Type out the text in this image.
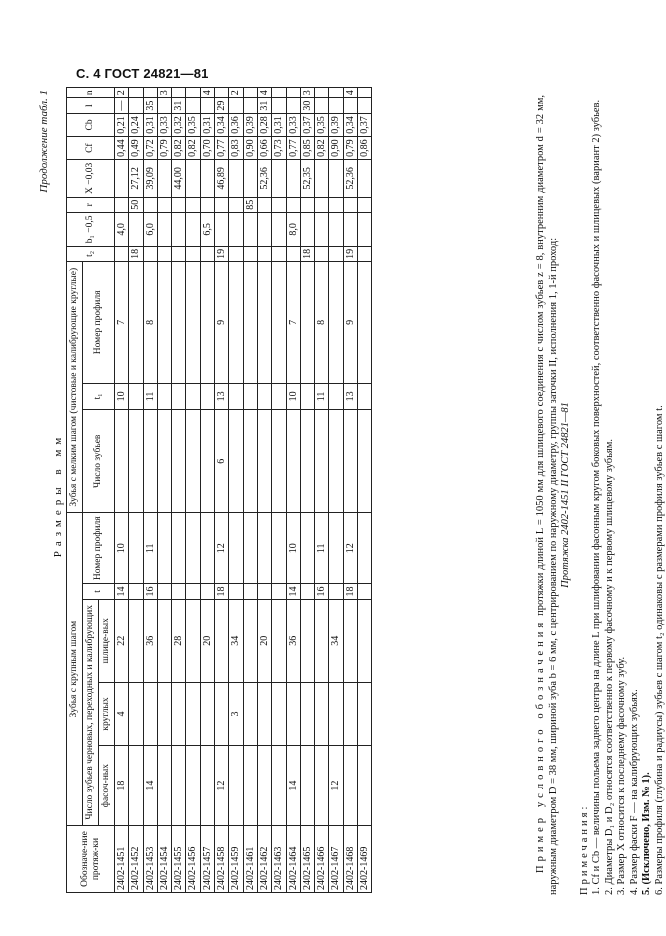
С. 4 ГОСТ 24821—81
Продолжение табл. 1
Размеры в мм
Обозначе-ние протяж-ки	Зубья с крупным шагом					Зубья с мелким шагом (чистовые и калибрующие круглые)			t₂	b₁ −0,5	r	X −0,03	Cf	Cb	l	n
	Число зубьев черновых, переходных и калибрующих			t	Номер профиля	Число зубьев	t₁	Номер профиля								
	фасоч-ных	круглых	шлице-вых													
2402-1451	18	4	22	14	10		10	7		4,0			0,44	0,21	—	2
2402-1452									18		50	27,12	0,49	0,24		
2402-1453	14		36	16	11		11	8		6,0		39,09	0,72	0,31	35	
2402-1454													0,79	0,33		3
2402-1455			28									44,00	0,82	0,32	31	
2402-1456													0,82	0,35		
2402-1457			20							6,5			0,70	0,31		4
2402-1458	12			18	12	6	13	9	19			46,89	0,77	0,34	29	
2402-1459		3	34										0,83	0,36		2
2402-1461											85		0,90	0,39		
2402-1462			20									52,36	0,66	0,28	31	4
2402-1463													0,73	0,31		
2402-1464	14		36	14	10		10	7		8,0			0,77	0,33		
2402-1465									18			52,35	0,85	0,37	30	3
2402-1466				16	11		11	8					0,82	0,35		
2402-1467	12		34										0,90	0,39		
2402-1468				18	12		13	9	19			52,36	0,79	0,34		4
2402-1469													0,86	0,37		
Пример условного обозначения протяжки длиной L = 1050 мм для шлицевого соединения с числом зубьев z = 8, внутренним диаметром d = 32 мм, наружным диаметром D = 38 мм, шириной зуба b = 6 мм, с центрированием по наружному диаметру, группы заточки II, исполнения 1, 1-й проход: Протяжка 2402-1451 II ГОСТ 24821—81
Примечания: 1. Cf и Cb — величины польема заднего центра на длине L при шлифовании фасонным кругом боковых поверхностей, соответственно фасочных и шлицевых (вариант 2) зубьев. 2. Диаметры D₁ и D₂ относятся соответственно к первому фасочному и к первому шлицевому зубьям. 3. Размер X относится к последнему фасочному зубу. 4. Размер фаски F — на калибрующих зубьях. 5. (Исключено, Изм. № 1). 6. Размеры профиля (глубина и радиусы) зубьев с шагом t₂ одинаковы с размерами профиля зубьев с шагом t.
